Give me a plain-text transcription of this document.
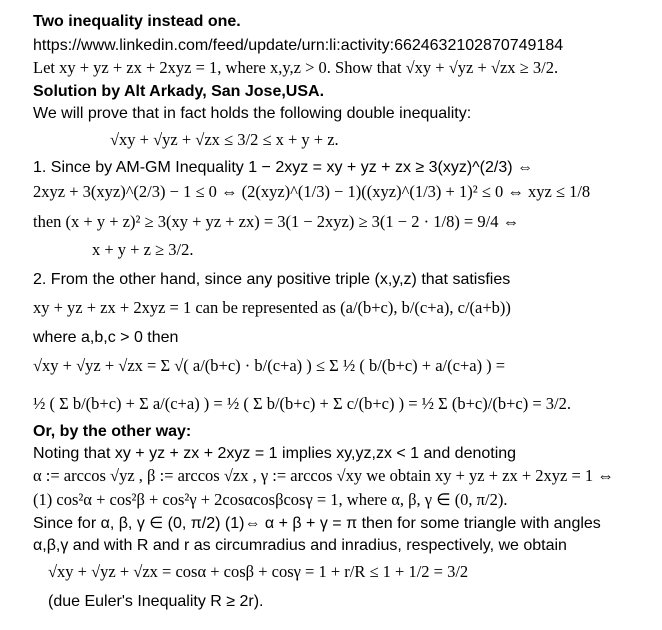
Two inequality instead one.
https://www.linkedin.com/feed/update/urn:li:activity:6624632102870749184
Let xy + yz + zx + 2xyz = 1, where x,y,z > 0. Show that √xy + √yz + √zx ≥ 3/2.
Solution by Alt Arkady, San Jose,USA.
We will prove that in fact holds the following double inequality:
√xy + √yz + √zx ≤ 3/2 ≤ x + y + z.
1. Since by AM-GM Inequality 1 − 2xyz = xy + yz + zx ≥ 3(xyz)^(2/3) ⇔
2xyz + 3(xyz)^(2/3) − 1 ≤ 0 ⇔ (2(xyz)^(1/3) − 1)((xyz)^(1/3) + 1)² ≤ 0 ⇔ xyz ≤ 1/8
then (x + y + z)² ≥ 3(xy + yz + zx) = 3(1 − 2xyz) ≥ 3(1 − 2 · 1/8) = 9/4 ⇔
x + y + z ≥ 3/2.
2. From the other hand, since any positive triple (x,y,z) that satisfies
xy + yz + zx + 2xyz = 1 can be represented as (a/(b+c), b/(c+a), c/(a+b))
where a,b,c > 0 then
√xy + √yz + √zx = Σ √( a/(b+c) · b/(c+a) ) ≤ Σ ½ ( b/(b+c) + a/(c+a) ) =
½ ( Σ b/(b+c) + Σ a/(c+a) ) = ½ ( Σ b/(b+c) + Σ c/(b+c) ) = ½ Σ (b+c)/(b+c) = 3/2.
Or, by the other way:
Noting that xy + yz + zx + 2xyz = 1 implies xy,yz,zx < 1 and denoting
α := arccos √yz , β := arccos √zx , γ := arccos √xy we obtain xy + yz + zx + 2xyz = 1 ⇔
(1) cos²α + cos²β + cos²γ + 2cosαcosβcosγ = 1, where α, β, γ ∈ (0, π/2).
Since for α, β, γ ∈ (0, π/2) (1)⇔ α + β + γ = π then for some triangle with angles
α,β,γ and with R and r as circumradius and inradius, respectively, we obtain
√xy + √yz + √zx = cosα + cosβ + cosγ = 1 + r/R ≤ 1 + 1/2 = 3/2
(due Euler's Inequality R ≥ 2r).
